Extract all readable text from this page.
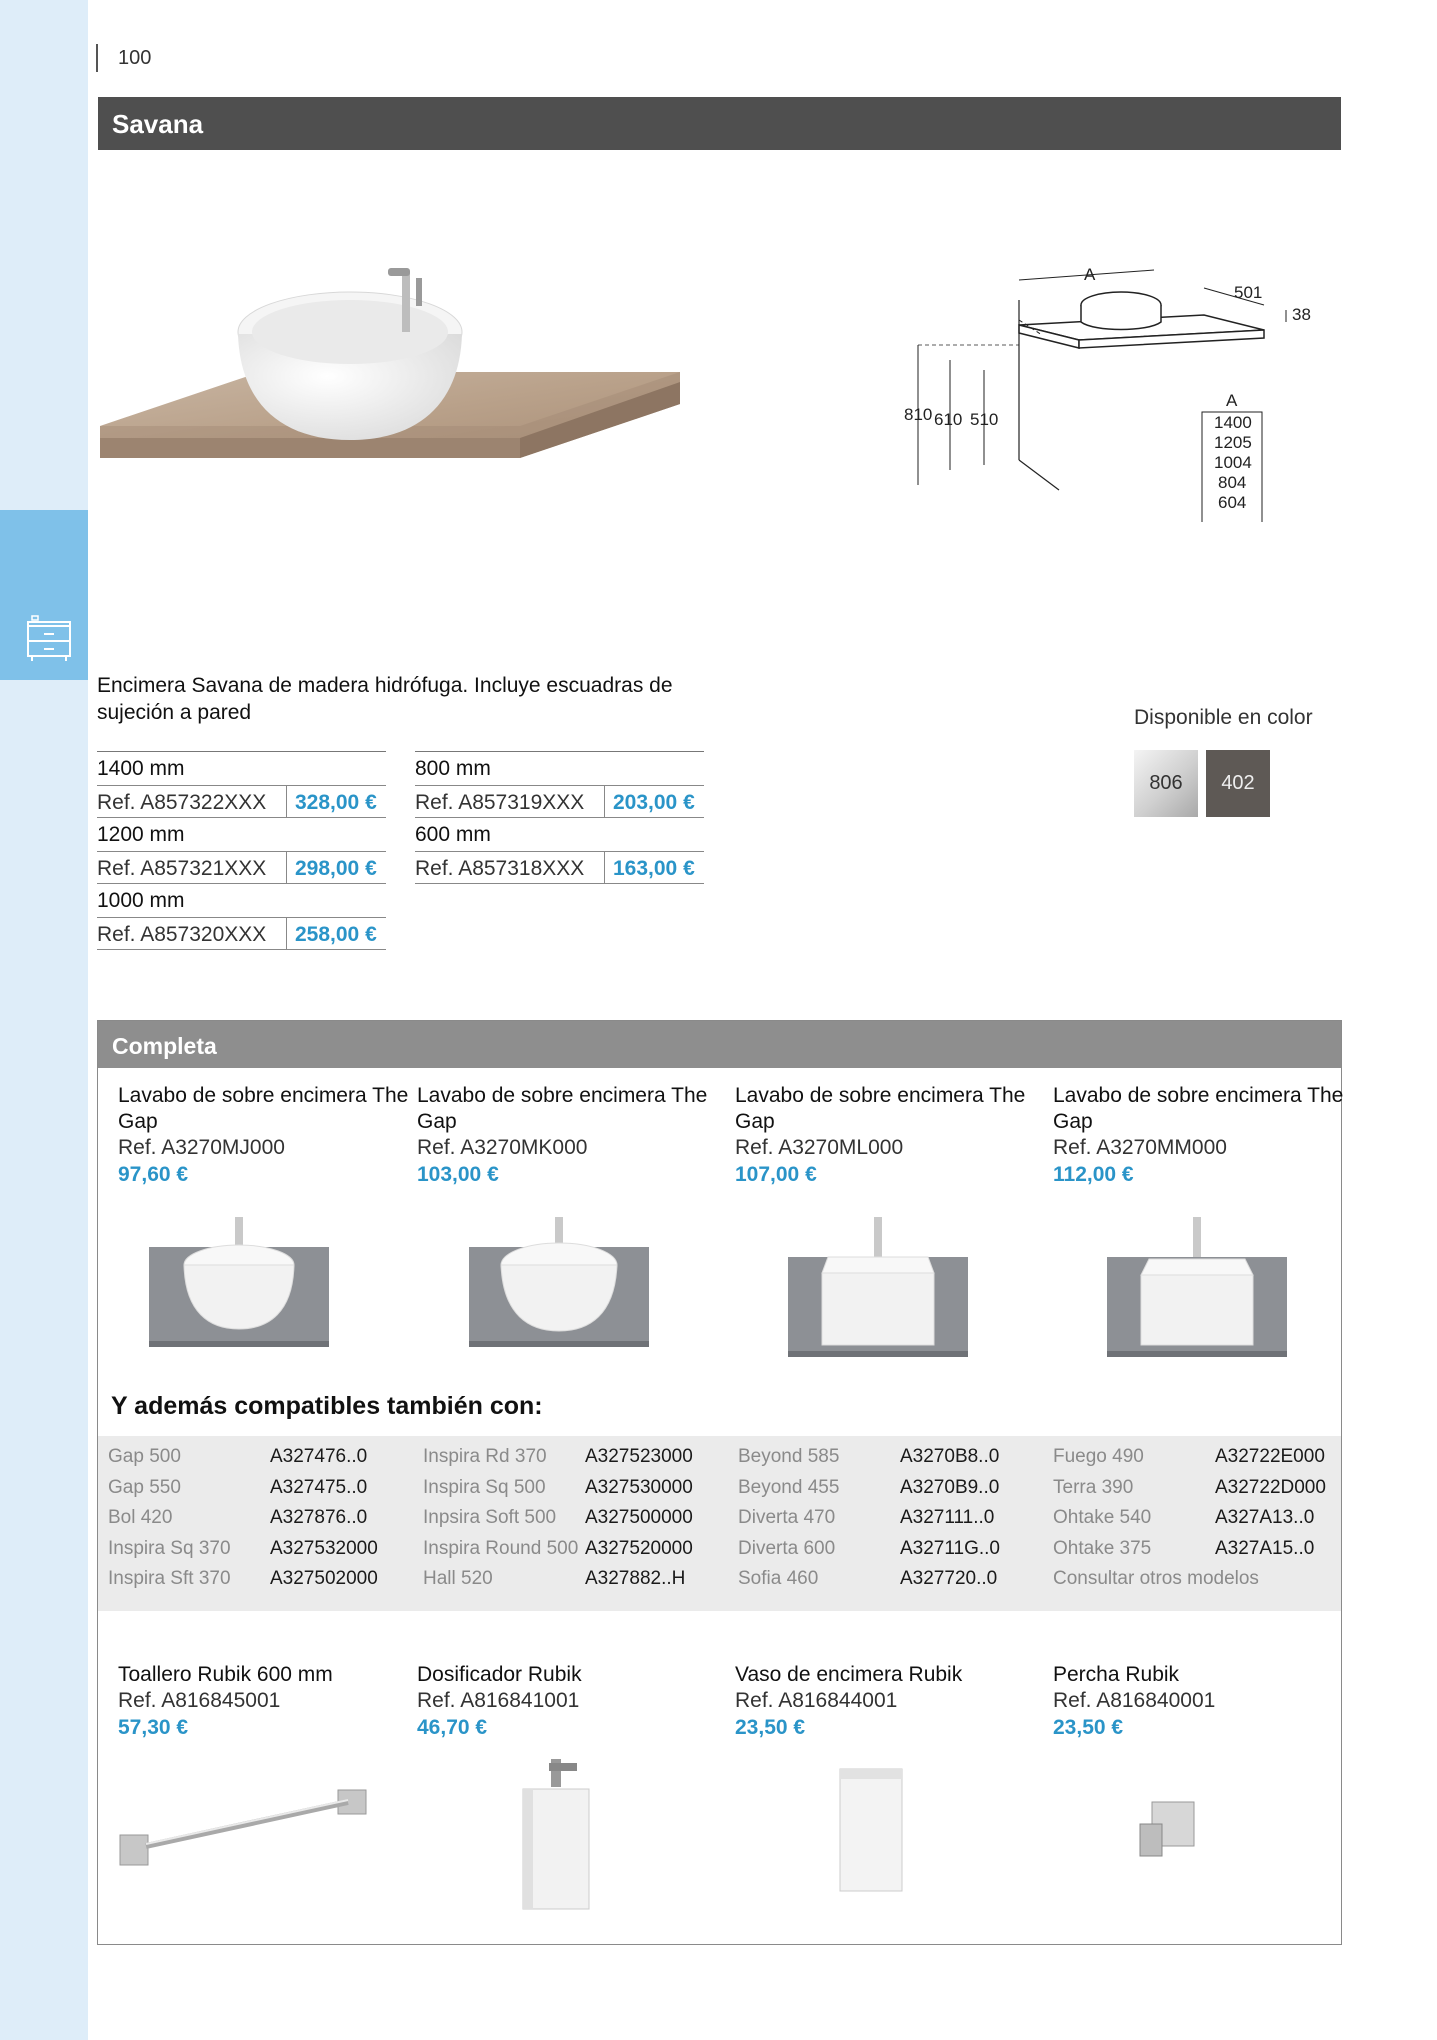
100
Savana
A
501
38
810 610 510
A
1400
1205
1004
804
604
Encimera Savana de madera hidrófuga. Incluye escuadras de sujeción a pared
1400 mm
Ref. A857322XXX	328,00 €
1200 mm
Ref. A857321XXX	298,00 €
1000 mm
Ref. A857320XXX	258,00 €
800 mm
Ref. A857319XXX	203,00 €
600 mm
Ref. A857318XXX	163,00 €
Disponible en color
806 402
Completa
Lavabo de sobre encimera The Gap
Ref. A3270MJ000
97,60 €
Lavabo de sobre encimera The Gap
Ref. A3270MK000
103,00 €
Lavabo de sobre encimera The Gap
Ref. A3270ML000
107,00 €
Lavabo de sobre encimera The Gap
Ref. A3270MM000
112,00 €
Y además compatibles también con:
Gap 500	A327476..0
Gap 550	A327475..0
Bol 420	A327876..0
Inspira Sq 370	A327532000
Inspira Sft 370	A327502000
Inspira Rd 370	A327523000
Inspira Sq 500	A327530000
Inpsira Soft 500	A327500000
Inspira Round 500 A327520000
Hall 520	A327882..H
Beyond 585	A3270B8..0
Beyond 455	A3270B9..0
Diverta 470	A327111..0
Diverta 600	A32711G..0
Sofia 460	A327720..0
Fuego 490	A32722E000
Terra 390	A32722D000
Ohtake 540	A327A13..0
Ohtake 375	A327A15..0
Consultar otros modelos
Toallero Rubik 600 mm
Ref. A816845001
57,30 €
Dosificador Rubik
Ref. A816841001
46,70 €
Vaso de encimera Rubik
Ref. A816844001
23,50 €
Percha Rubik
Ref. A816840001
23,50 €
